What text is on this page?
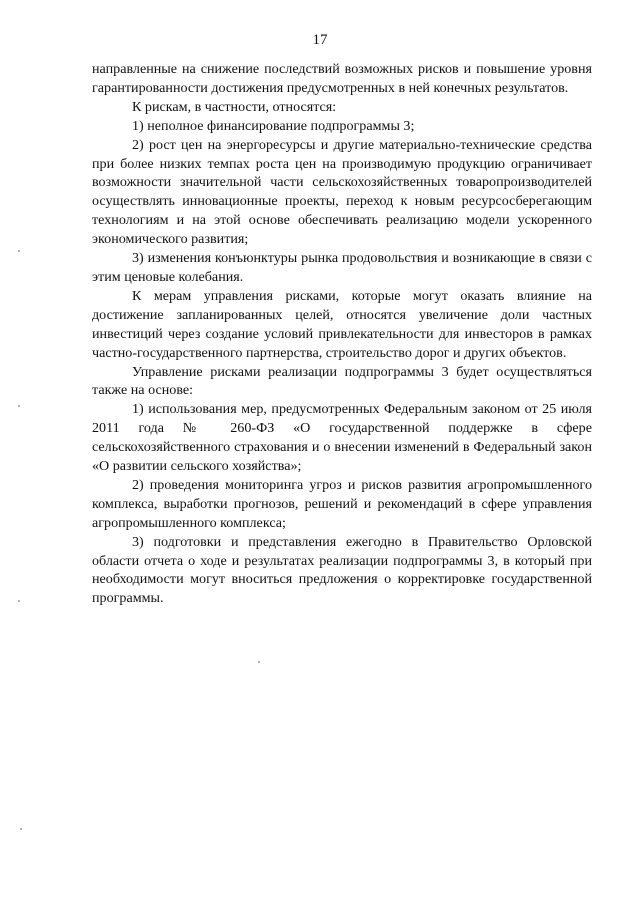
17

направленные на снижение последствий возможных рисков и повышение уровня гарантированности достижения предусмотренных в ней конечных результатов.

К рискам, в частности, относятся:

1) неполное финансирование подпрограммы 3;

2) рост цен на энергоресурсы и другие материально-технические средства при более низких темпах роста цен на производимую продукцию ограничивает возможности значительной части сельскохозяйственных товаропроизводителей осуществлять инновационные проекты, переход к новым ресурсосберегающим технологиям и на этой основе обеспечивать реализацию модели ускоренного экономического развития;

3) изменения конъюнктуры рынка продовольствия и возникающие в связи с этим ценовые колебания.

К мерам управления рисками, которые могут оказать влияние на достижение запланированных целей, относятся увеличение доли частных инвестиций через создание условий привлекательности для инвесторов в рамках частно-государственного партнерства, строительство дорог и других объектов.

Управление рисками реализации подпрограммы 3 будет осуществляться также на основе:

1) использования мер, предусмотренных Федеральным законом от 25 июля 2011 года № 260-ФЗ «О государственной поддержке в сфере сельскохозяйственного страхования и о внесении изменений в Федеральный закон «О развитии сельского хозяйства»;

2) проведения мониторинга угроз и рисков развития агропромышленного комплекса, выработки прогнозов, решений и рекомендаций в сфере управления агропромышленного комплекса;

3) подготовки и представления ежегодно в Правительство Орловской области отчета о ходе и результатах реализации подпрограммы 3, в который при необходимости могут вноситься предложения о корректировке государственной программы.
